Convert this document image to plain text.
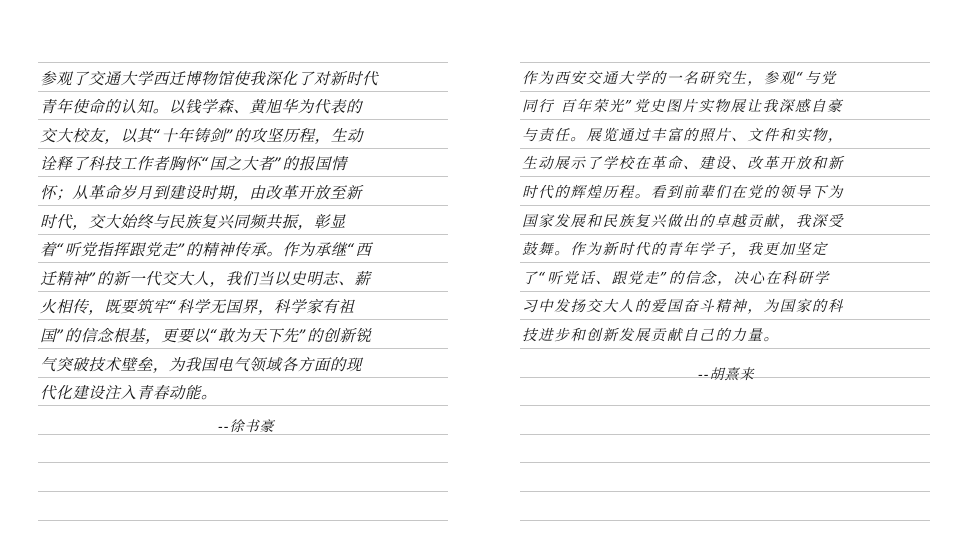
参观了交通大学西迁博物馆使我深化了对新时代
青年使命的认知。以钱学森、黄旭华为代表的
交大校友，以其“十年铸剑”的攻坚历程，生动
诠释了科技工作者胸怀“国之大者”的报国情
怀；从革命岁月到建设时期，由改革开放至新
时代，交大始终与民族复兴同频共振，彰显
着“听党指挥跟党走”的精神传承。作为承继“西
迁精神”的新一代交大人，我们当以史明志、薪
火相传，既要筑牢“科学无国界，科学家有祖
国”的信念根基，更要以“敢为天下先”的创新锐
气突破技术壁垒，为我国电气领域各方面的现
代化建设注入青春动能。
--徐书豪
作为西安交通大学的一名研究生，参观“与党
同行 百年荣光”党史图片实物展让我深感自豪
与责任。展览通过丰富的照片、文件和实物，
生动展示了学校在革命、建设、改革开放和新
时代的辉煌历程。看到前辈们在党的领导下为
国家发展和民族复兴做出的卓越贡献，我深受
鼓舞。作为新时代的青年学子，我更加坚定
了“听党话、跟党走”的信念，决心在科研学
习中发扬交大人的爱国奋斗精神，为国家的科
技进步和创新发展贡献自己的力量。
--胡熹来
